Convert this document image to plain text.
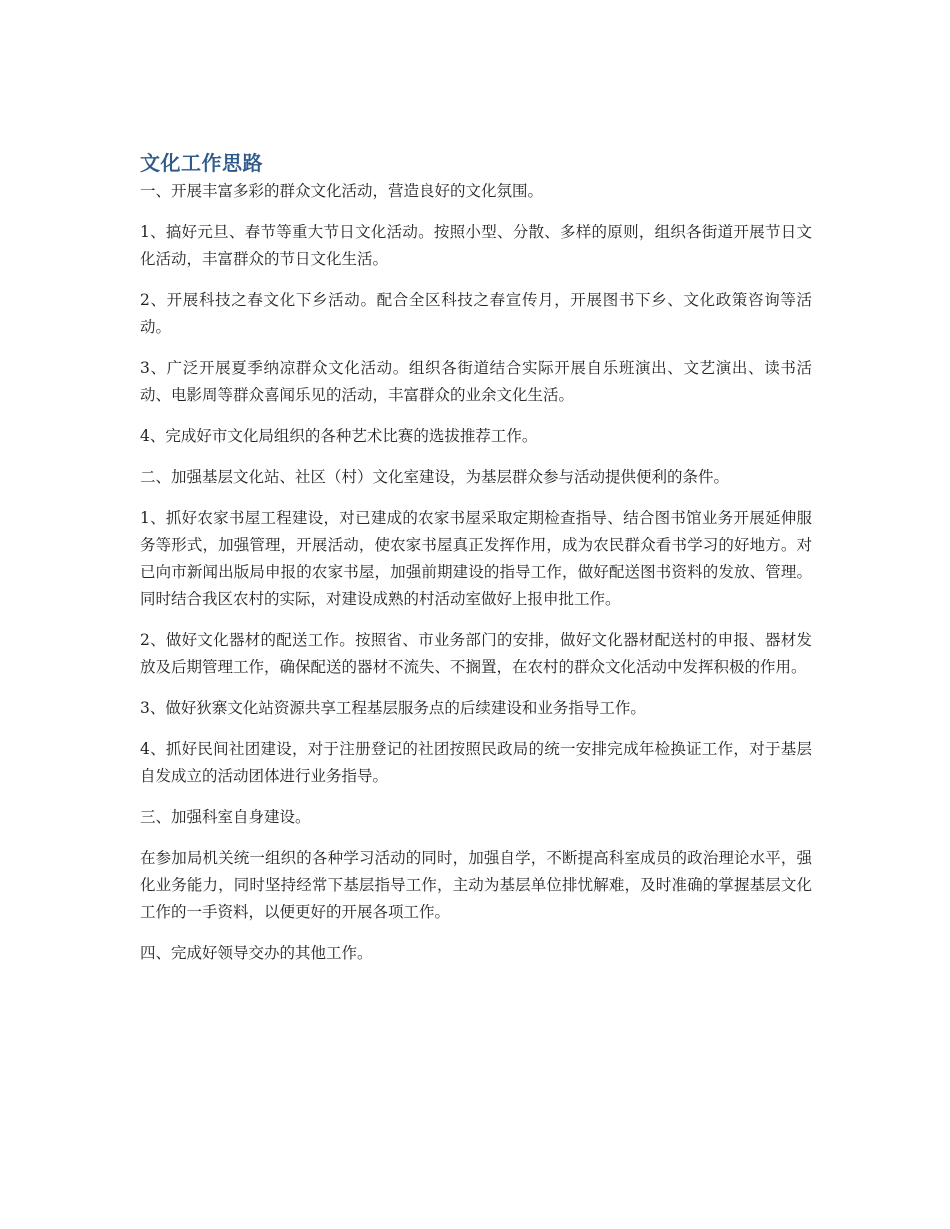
文化工作思路

一、开展丰富多彩的群众文化活动，营造良好的文化氛围。

1、搞好元旦、春节等重大节日文化活动。按照小型、分散、多样的原则，组织各街道开展节日文化活动，丰富群众的节日文化生活。

2、开展科技之春文化下乡活动。配合全区科技之春宣传月，开展图书下乡、文化政策咨询等活动。

3、广泛开展夏季纳凉群众文化活动。组织各街道结合实际开展自乐班演出、文艺演出、读书活动、电影周等群众喜闻乐见的活动，丰富群众的业余文化生活。

4、完成好市文化局组织的各种艺术比赛的选拔推荐工作。

二、加强基层文化站、社区（村）文化室建设，为基层群众参与活动提供便利的条件。

1、抓好农家书屋工程建设，对已建成的农家书屋采取定期检查指导、结合图书馆业务开展延伸服务等形式，加强管理，开展活动，使农家书屋真正发挥作用，成为农民群众看书学习的好地方。对已向市新闻出版局申报的农家书屋，加强前期建设的指导工作，做好配送图书资料的发放、管理。同时结合我区农村的实际，对建设成熟的村活动室做好上报申批工作。

2、做好文化器材的配送工作。按照省、市业务部门的安排，做好文化器材配送村的申报、器材发放及后期管理工作，确保配送的器材不流失、不搁置，在农村的群众文化活动中发挥积极的作用。

3、做好狄寨文化站资源共享工程基层服务点的后续建设和业务指导工作。

4、抓好民间社团建设，对于注册登记的社团按照民政局的统一安排完成年检换证工作，对于基层自发成立的活动团体进行业务指导。

三、加强科室自身建设。

在参加局机关统一组织的各种学习活动的同时，加强自学，不断提高科室成员的政治理论水平，强化业务能力，同时坚持经常下基层指导工作，主动为基层单位排忧解难，及时准确的掌握基层文化工作的一手资料，以便更好的开展各项工作。

四、完成好领导交办的其他工作。
